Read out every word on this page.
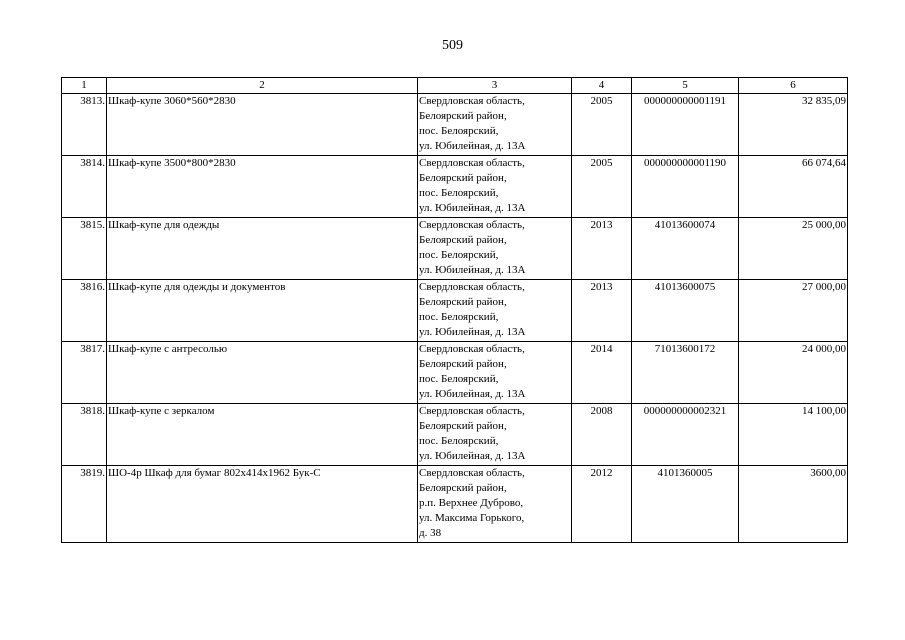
509
1	2	3	4	5	6
3813.	Шкаф-купе 3060*560*2830	Свердловская область,
Белоярский район,
пос. Белоярский,
ул. Юбилейная, д. 13А	2005	000000000001191	32 835,09
3814.	Шкаф-купе 3500*800*2830	Свердловская область,
Белоярский район,
пос. Белоярский,
ул. Юбилейная, д. 13А	2005	000000000001190	66 074,64
3815.	Шкаф-купе для одежды	Свердловская область,
Белоярский район,
пос. Белоярский,
ул. Юбилейная, д. 13А	2013	41013600074	25 000,00
3816.	Шкаф-купе для одежды и документов	Свердловская область,
Белоярский район,
пос. Белоярский,
ул. Юбилейная, д. 13А	2013	41013600075	27 000,00
3817.	Шкаф-купе с антресолью	Свердловская область,
Белоярский район,
пос. Белоярский,
ул. Юбилейная, д. 13А	2014	71013600172	24 000,00
3818.	Шкаф-купе с зеркалом	Свердловская область,
Белоярский район,
пос. Белоярский,
ул. Юбилейная, д. 13А	2008	000000000002321	14 100,00
3819.	ШО-4р Шкаф для бумаг 802х414х1962 Бук-С	Свердловская область,
Белоярский район,
р.п. Верхнее Дуброво,
ул. Максима Горького,
д. 38	2012	4101360005	3600,00
